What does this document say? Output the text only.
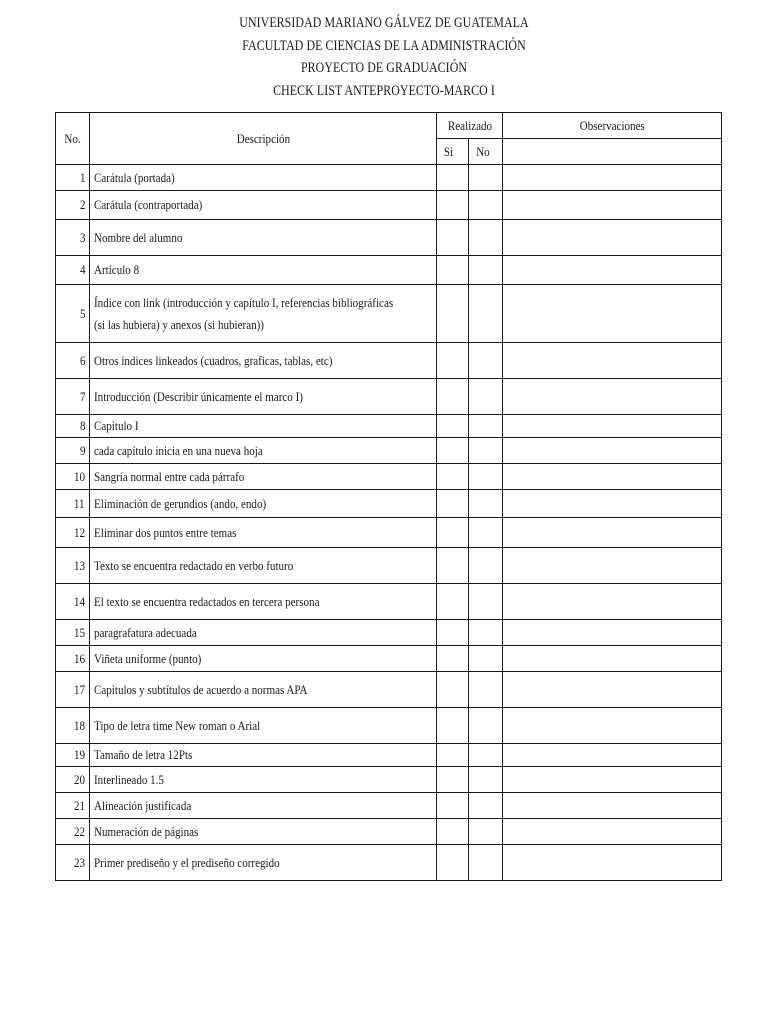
UNIVERSIDAD MARIANO GÁLVEZ DE GUATEMALA
FACULTAD DE CIENCIAS DE LA ADMINISTRACIÓN
PROYECTO DE GRADUACIÓN
CHECK LIST ANTEPROYECTO-MARCO I
No.	Descripción	Realizado		Observaciones
		Si	No	
1	Carátula (portada)			
2	Carátula (contraportada)			
3	Nombre del alumno			
4	Artículo 8			
5	Índice con link (introducción y capítulo I, referencias bibliográficas
(si las hubiera) y anexos (si hubieran))			
6	Otros índices linkeados (cuadros, graficas, tablas, etc)			
7	Introducción (Describir únicamente el marco I)			
8	Capítulo I			
9	cada capítulo inicia en una nueva hoja			
10	Sangría normal entre cada párrafo			
11	Eliminación de gerundios (ando, endo)			
12	Eliminar dos puntos entre temas			
13	Texto se encuentra redactado en verbo futuro			
14	El texto se encuentra redactados en tercera persona			
15	paragrafatura adecuada			
16	Viñeta uniforme (punto)			
17	Capítulos y subtítulos de acuerdo a normas APA			
18	Tipo de letra time New roman o Arial			
19	Tamaño de letra 12Pts			
20	Interlineado 1.5			
21	Alineación justificada			
22	Numeración de páginas			
23	Primer prediseño y el prediseño corregido			
